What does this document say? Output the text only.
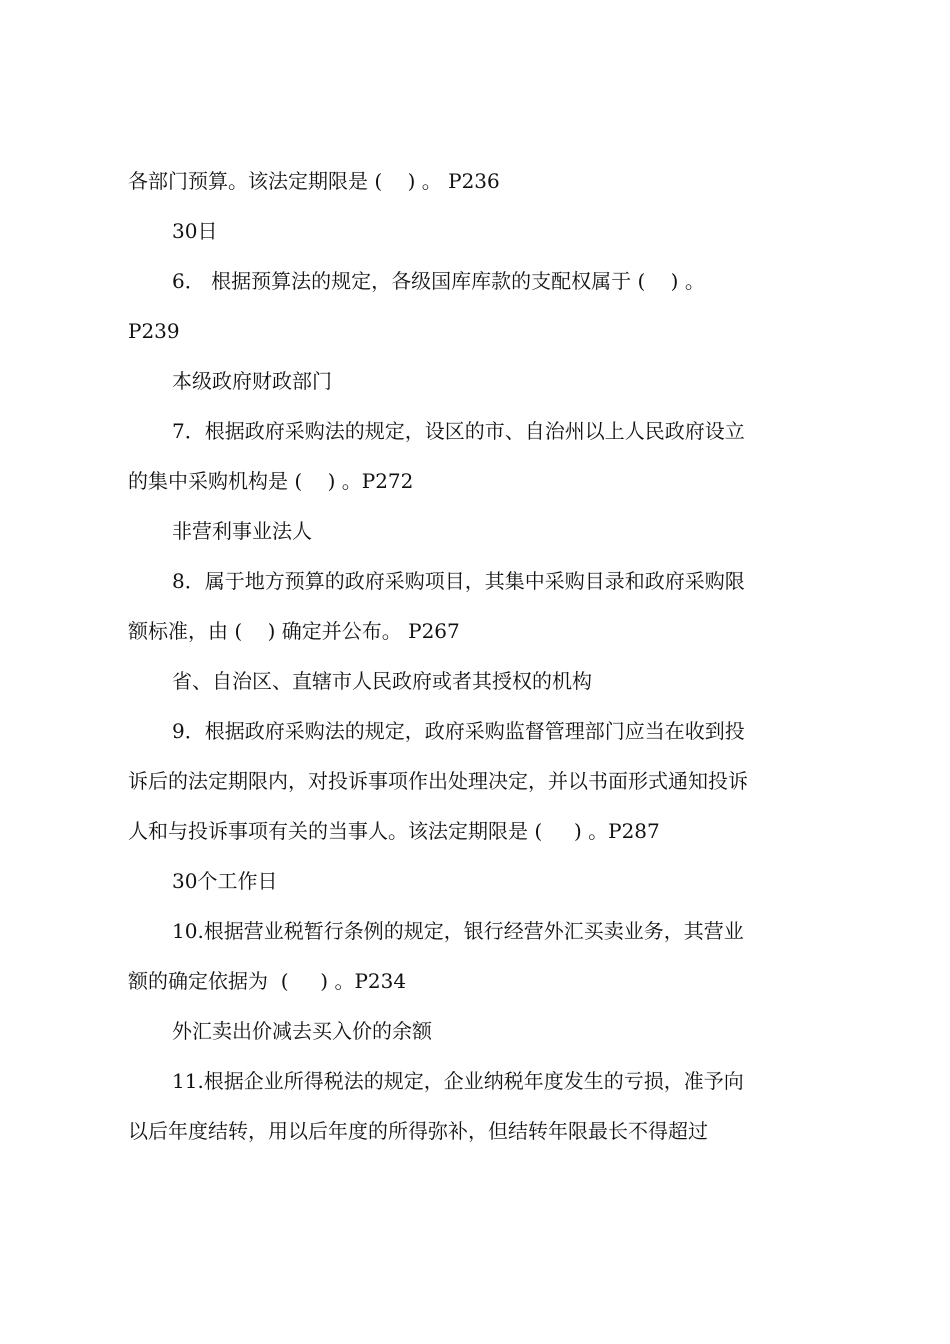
各部门预算。该法定期限是 (    ) 。 P236
30日
6． 根据预算法的规定，各级国库库款的支配权属于 (    ) 。
P239
本级政府财政部门
7．根据政府采购法的规定，设区的市、自治州以上人民政府设立
的集中采购机构是 (    ) 。P272
非营利事业法人
8．属于地方预算的政府采购项目，其集中采购目录和政府采购限
额标准，由 (    ) 确定并公布。 P267
省、自治区、直辖市人民政府或者其授权的机构
9．根据政府采购法的规定，政府采购监督管理部门应当在收到投
诉后的法定期限内，对投诉事项作出处理决定，并以书面形式通知投诉
人和与投诉事项有关的当事人。该法定期限是 (     ) 。P287
30个工作日
10.根据营业税暂行条例的规定，银行经营外汇买卖业务，其营业
额的确定依据为  (     ) 。P234
外汇卖出价减去买入价的余额
11.根据企业所得税法的规定，企业纳税年度发生的亏损，准予向
以后年度结转，用以后年度的所得弥补，但结转年限最长不得超过
